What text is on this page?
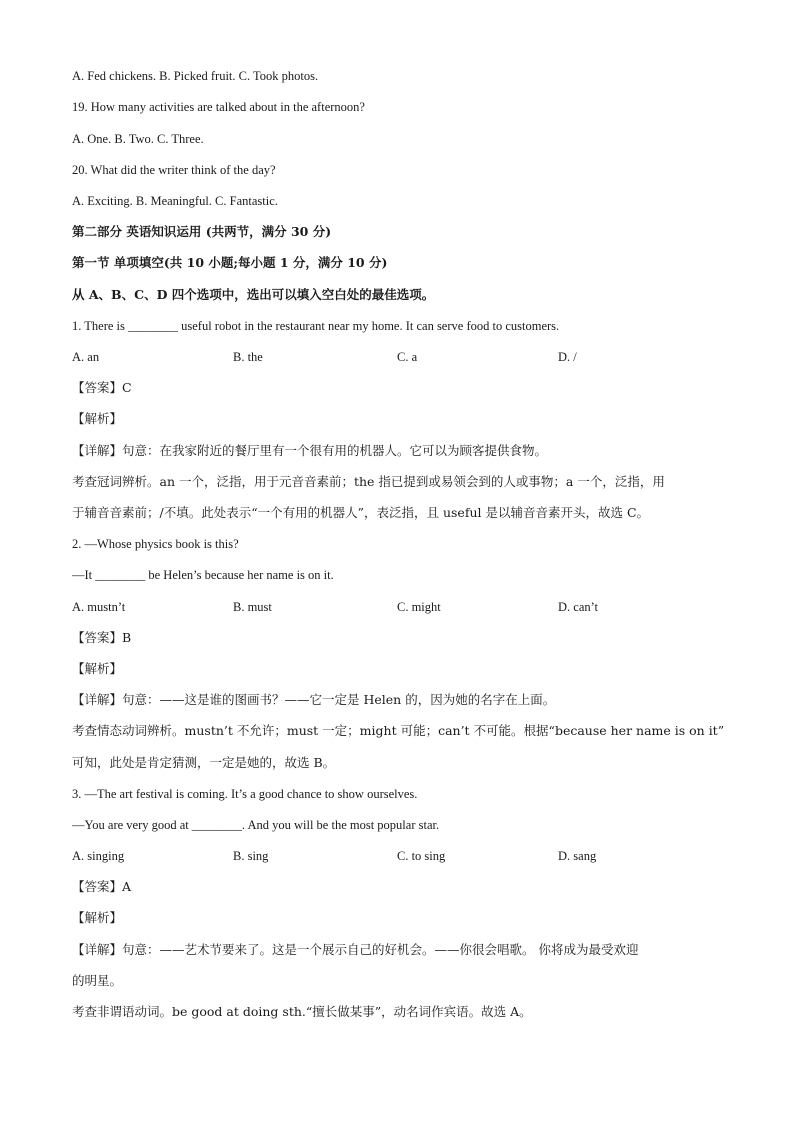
A. Fed chickens. B. Picked fruit. C. Took photos.
19. How many activities are talked about in the afternoon?
A. One. B. Two. C. Three.
20. What did the writer think of the day?
A. Exciting. B. Meaningful. C. Fantastic.
第二部分 英语知识运用 (共两节，满分 30 分)
第一节 单项填空(共 10 小题;每小题 1 分，满分 10 分)
从 A、B、C、D 四个选项中，选出可以填入空白处的最佳选项。
1. There is ________ useful robot in the restaurant near my home. It can serve food to customers.
A. an	B. the	C. a	D. /
【答案】C
【解析】
【详解】句意：在我家附近的餐厅里有一个很有用的机器人。它可以为顾客提供食物。
考查冠词辨析。an 一个，泛指，用于元音音素前；the 指已提到或易领会到的人或事物；a 一个，泛指，用
于辅音音素前；/不填。此处表示“一个有用的机器人”，表泛指，且 useful 是以辅音音素开头，故选 C。
2. —Whose physics book is this?
—It ________ be Helen’s because her name is on it.
A. mustn’t	B. must	C. might	D. can’t
【答案】B
【解析】
【详解】句意：——这是谁的图画书？——它一定是 Helen 的，因为她的名字在上面。
考查情态动词辨析。mustn’t 不允许；must 一定；might 可能；can’t 不可能。根据“because her name is on it”
可知，此处是肯定猜测，一定是她的，故选 B。
3. —The art festival is coming. It’s a good chance to show ourselves.
—You are very good at ________. And you will be the most popular star.
A. singing	B. sing	C. to sing	D. sang
【答案】A
【解析】
【详解】句意：——艺术节要来了。这是一个展示自己的好机会。——你很会唱歌。 你将成为最受欢迎
的明星。
考查非谓语动词。be good at doing sth.“擅长做某事”，动名词作宾语。故选 A。
